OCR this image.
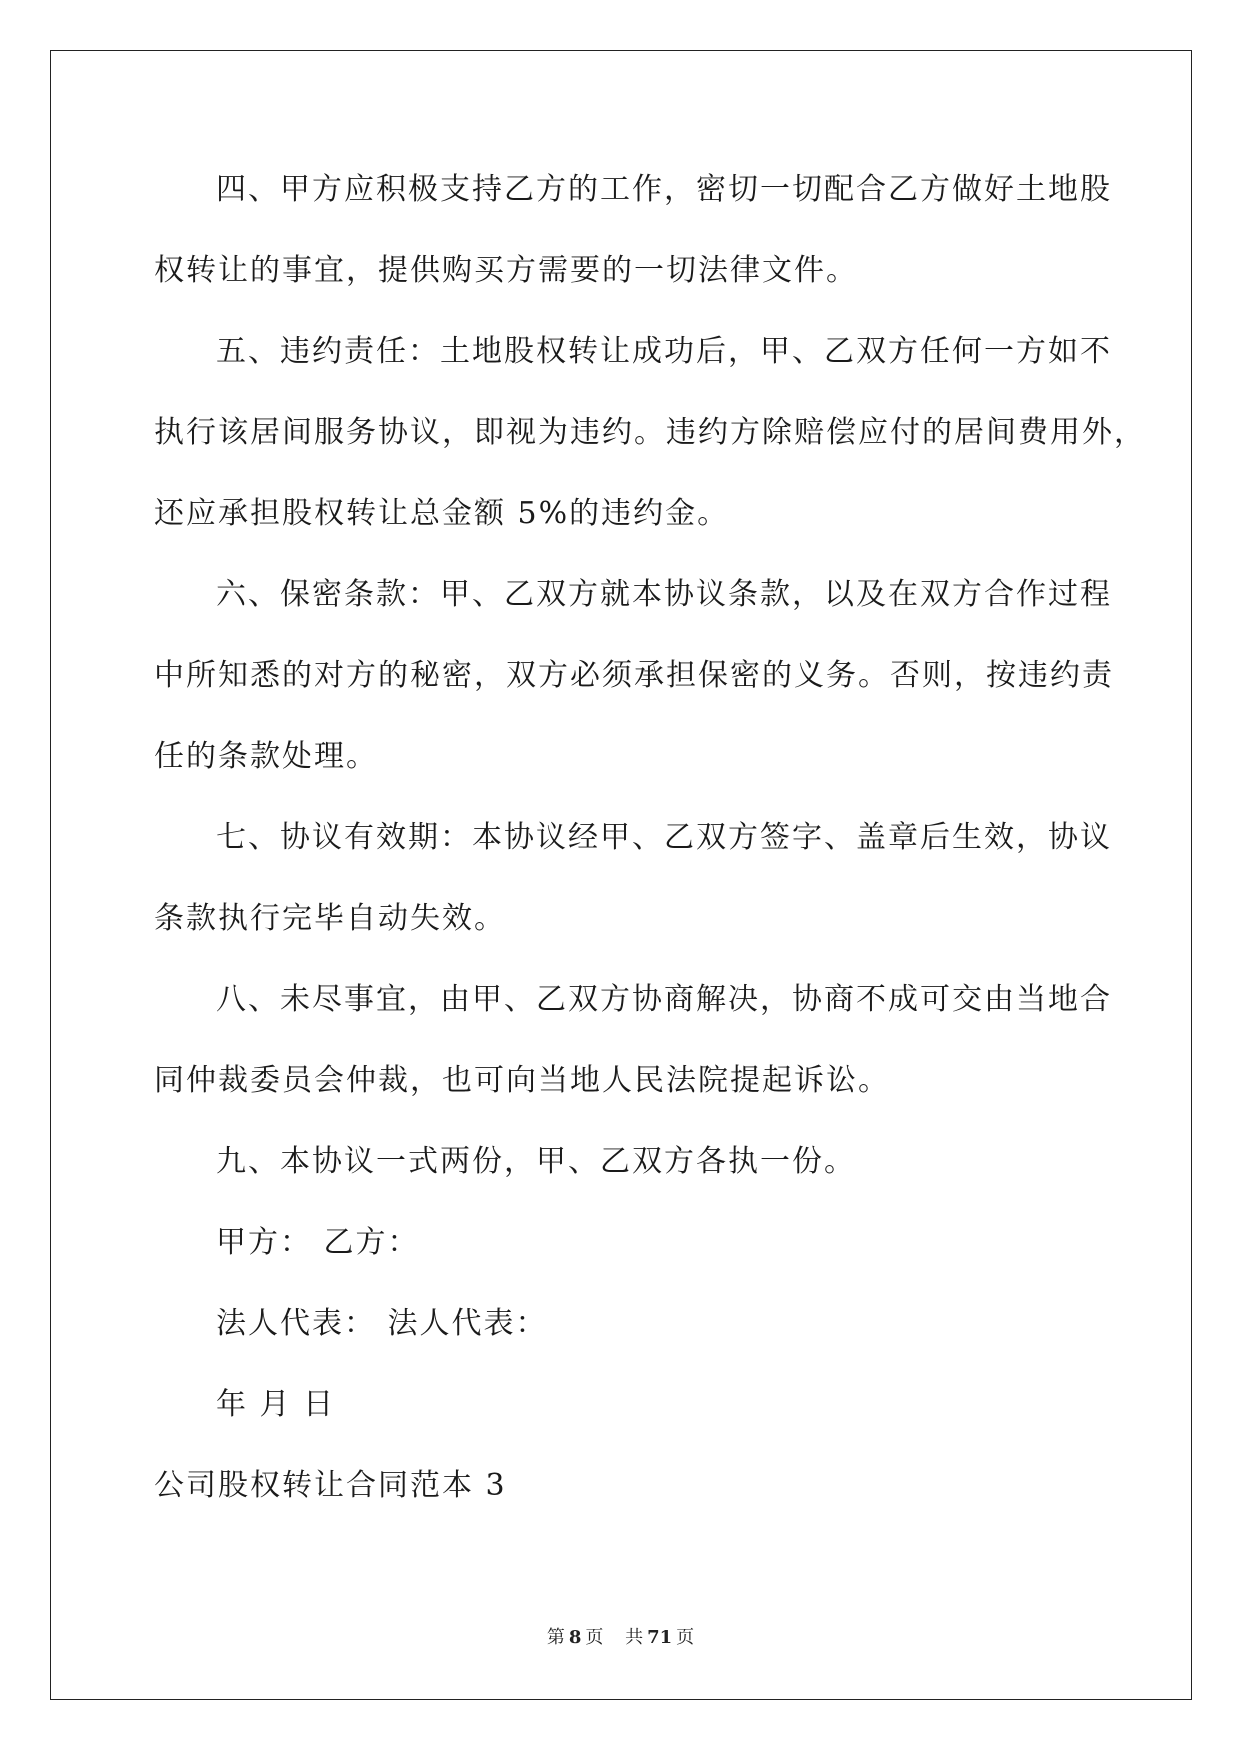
四、甲方应积极支持乙方的工作，密切一切配合乙方做好土地股
权转让的事宜，提供购买方需要的一切法律文件。
五、违约责任：土地股权转让成功后，甲、乙双方任何一方如不
执行该居间服务协议，即视为违约。违约方除赔偿应付的居间费用外，
还应承担股权转让总金额 5%的违约金。
六、保密条款：甲、乙双方就本协议条款，以及在双方合作过程
中所知悉的对方的秘密，双方必须承担保密的义务。否则，按违约责
任的条款处理。
七、协议有效期：本协议经甲、乙双方签字、盖章后生效，协议
条款执行完毕自动失效。
八、未尽事宜，由甲、乙双方协商解决，协商不成可交由当地合
同仲裁委员会仲裁，也可向当地人民法院提起诉讼。
九、本协议一式两份，甲、乙双方各执一份。
甲方： 乙方：
法人代表： 法人代表：
年 月 日
公司股权转让合同范本 3
第 8 页 共 71 页
